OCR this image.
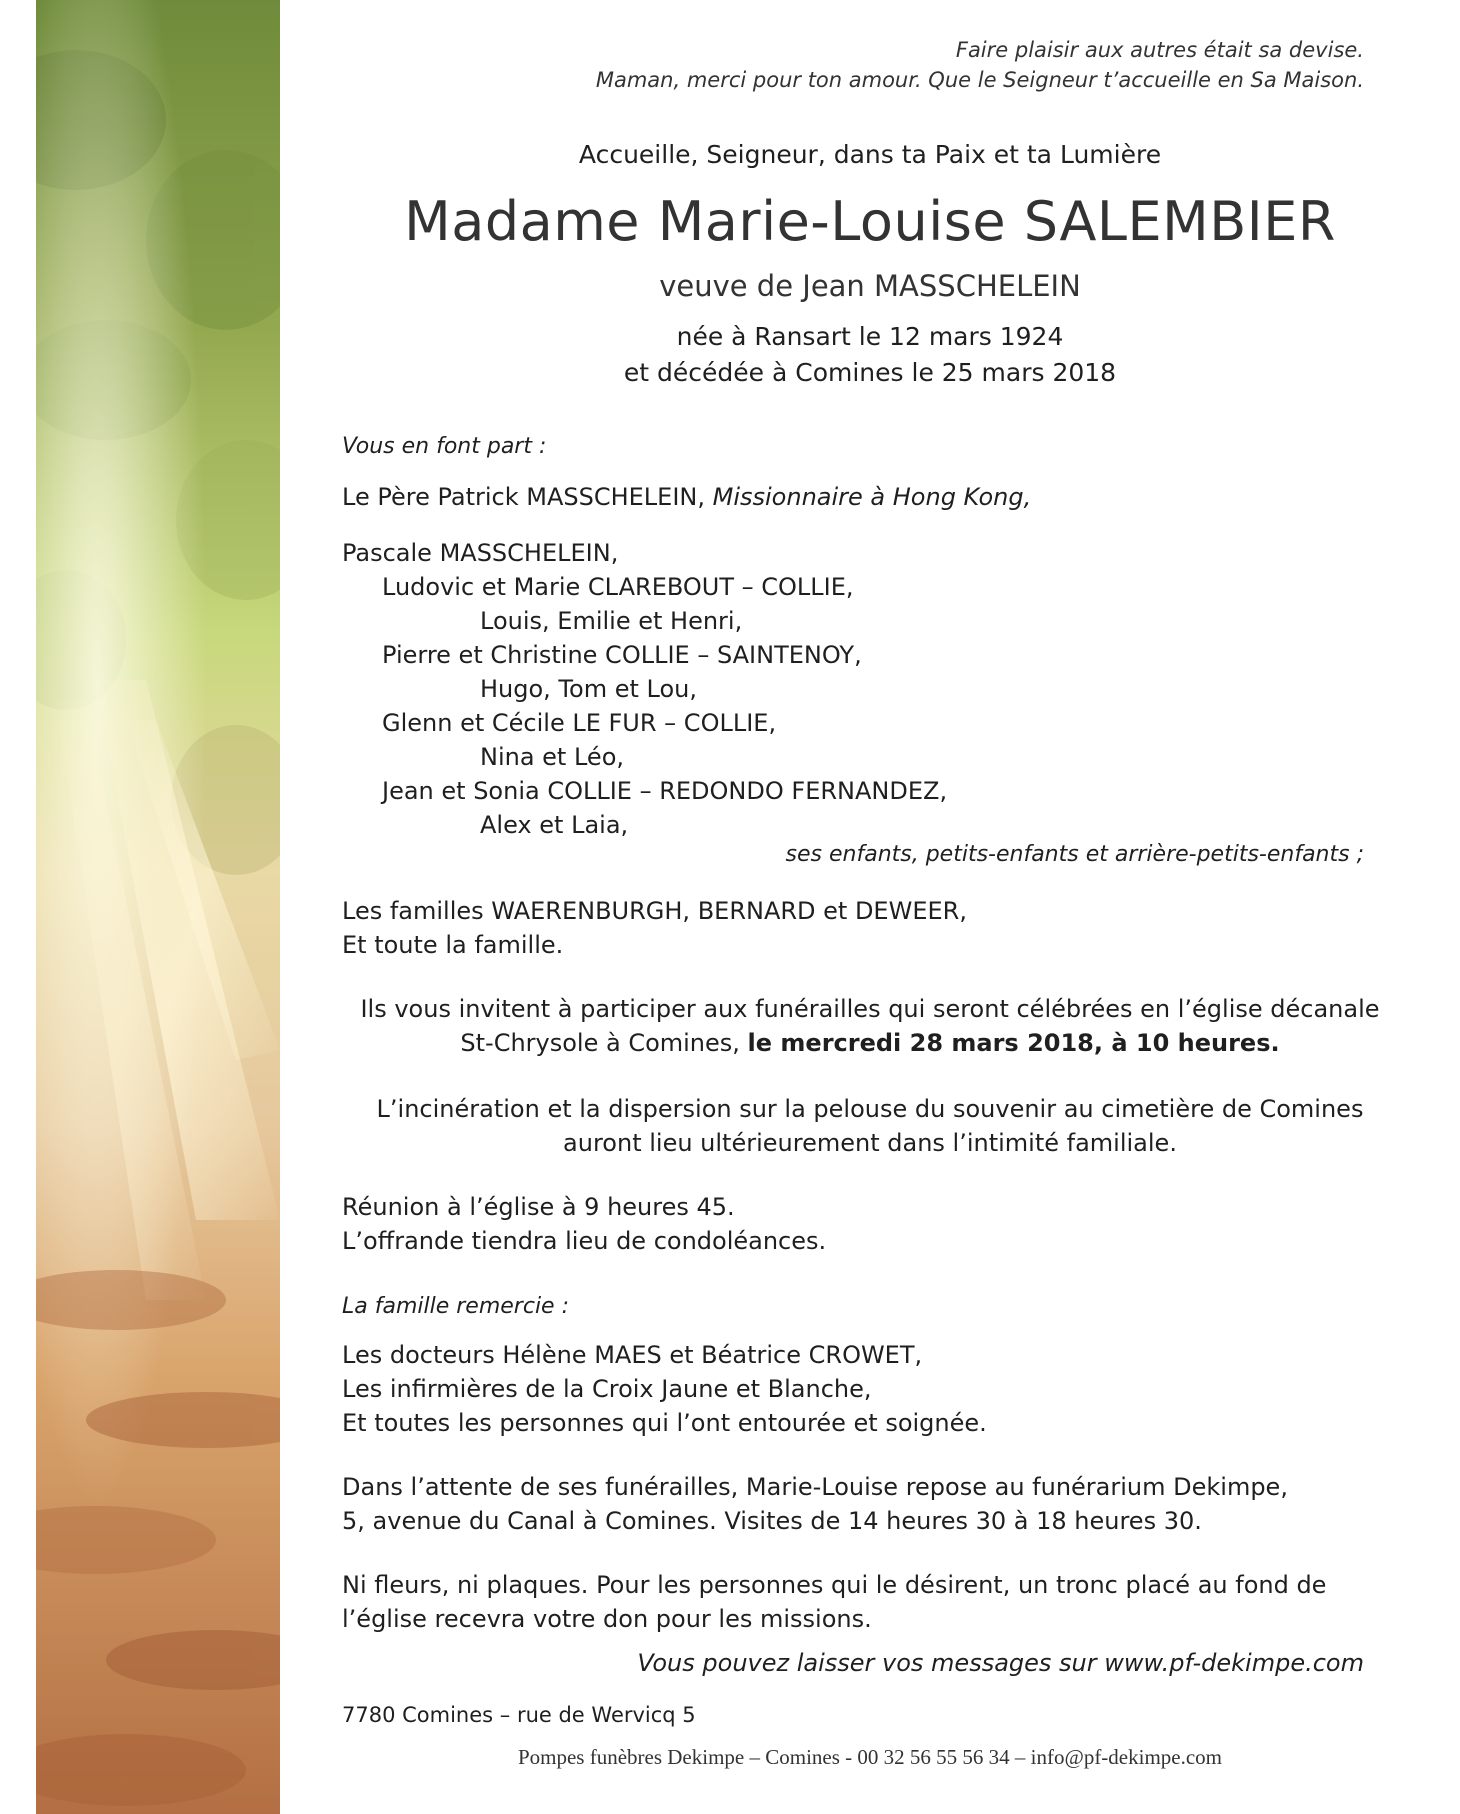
Faire plaisir aux autres était sa devise.
Maman, merci pour ton amour. Que le Seigneur t’accueille en Sa Maison.
Accueille, Seigneur, dans ta Paix et ta Lumière
Madame Marie-Louise SALEMBIER
veuve de Jean MASSCHELEIN
née à Ransart le 12 mars 1924
et décédée à Comines le 25 mars 2018
Vous en font part :
Le Père Patrick MASSCHELEIN, Missionnaire à Hong Kong,
Pascale MASSCHELEIN,
Ludovic et Marie CLAREBOUT – COLLIE,
Louis, Emilie et Henri,
Pierre et Christine COLLIE – SAINTENOY,
Hugo, Tom et Lou,
Glenn et Cécile LE FUR – COLLIE,
Nina et Léo,
Jean et Sonia COLLIE – REDONDO FERNANDEZ,
Alex et Laia,
ses enfants, petits-enfants et arrière-petits-enfants ;
Les familles WAERENBURGH, BERNARD et DEWEER,
Et toute la famille.
Ils vous invitent à participer aux funérailles qui seront célébrées en l’église décanale
St-Chrysole à Comines, le mercredi 28 mars 2018, à 10 heures.
L’incinération et la dispersion sur la pelouse du souvenir au cimetière de Comines
auront lieu ultérieurement dans l’intimité familiale.
Réunion à l’église à 9 heures 45.
L’offrande tiendra lieu de condoléances.
La famille remercie :
Les docteurs Hélène MAES et Béatrice CROWET,
Les infirmières de la Croix Jaune et Blanche,
Et toutes les personnes qui l’ont entourée et soignée.
Dans l’attente de ses funérailles, Marie-Louise repose au funérarium Dekimpe,
5, avenue du Canal à Comines. Visites de 14 heures 30 à 18 heures 30.
Ni fleurs, ni plaques. Pour les personnes qui le désirent, un tronc placé au fond de
l’église recevra votre don pour les missions.
Vous pouvez laisser vos messages sur www.pf-dekimpe.com
7780 Comines – rue de Wervicq 5
Pompes funèbres Dekimpe – Comines - 00 32 56 55 56 34 – info@pf-dekimpe.com
